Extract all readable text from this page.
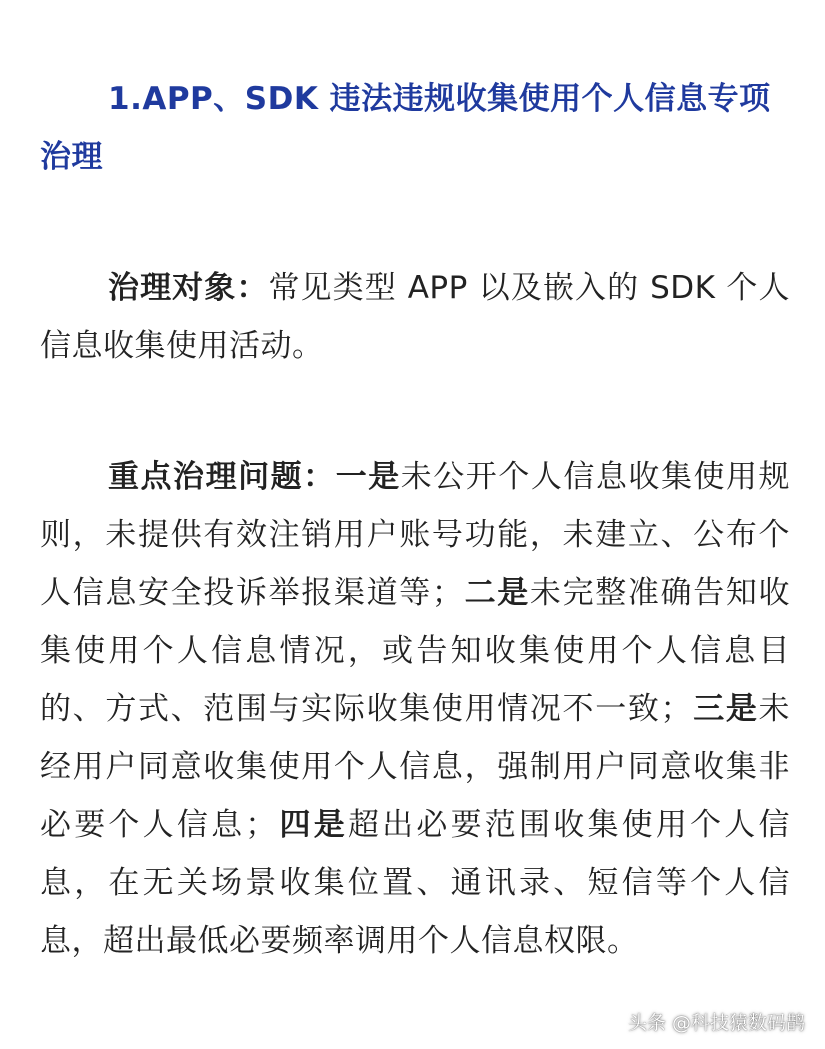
1.APP、SDK 违法违规收集使用个人信息专项治理

治理对象：常见类型 APP 以及嵌入的 SDK 个人信息收集使用活动。

重点治理问题：一是未公开个人信息收集使用规则，未提供有效注销用户账号功能，未建立、公布个人信息安全投诉举报渠道等；二是未完整准确告知收集使用个人信息情况，或告知收集使用个人信息目的、方式、范围与实际收集使用情况不一致；三是未经用户同意收集使用个人信息，强制用户同意收集非必要个人信息；四是超出必要范围收集使用个人信息，在无关场景收集位置、通讯录、短信等个人信息，超出最低必要频率调用个人信息权限。

头条 @科技猿数码鹊
